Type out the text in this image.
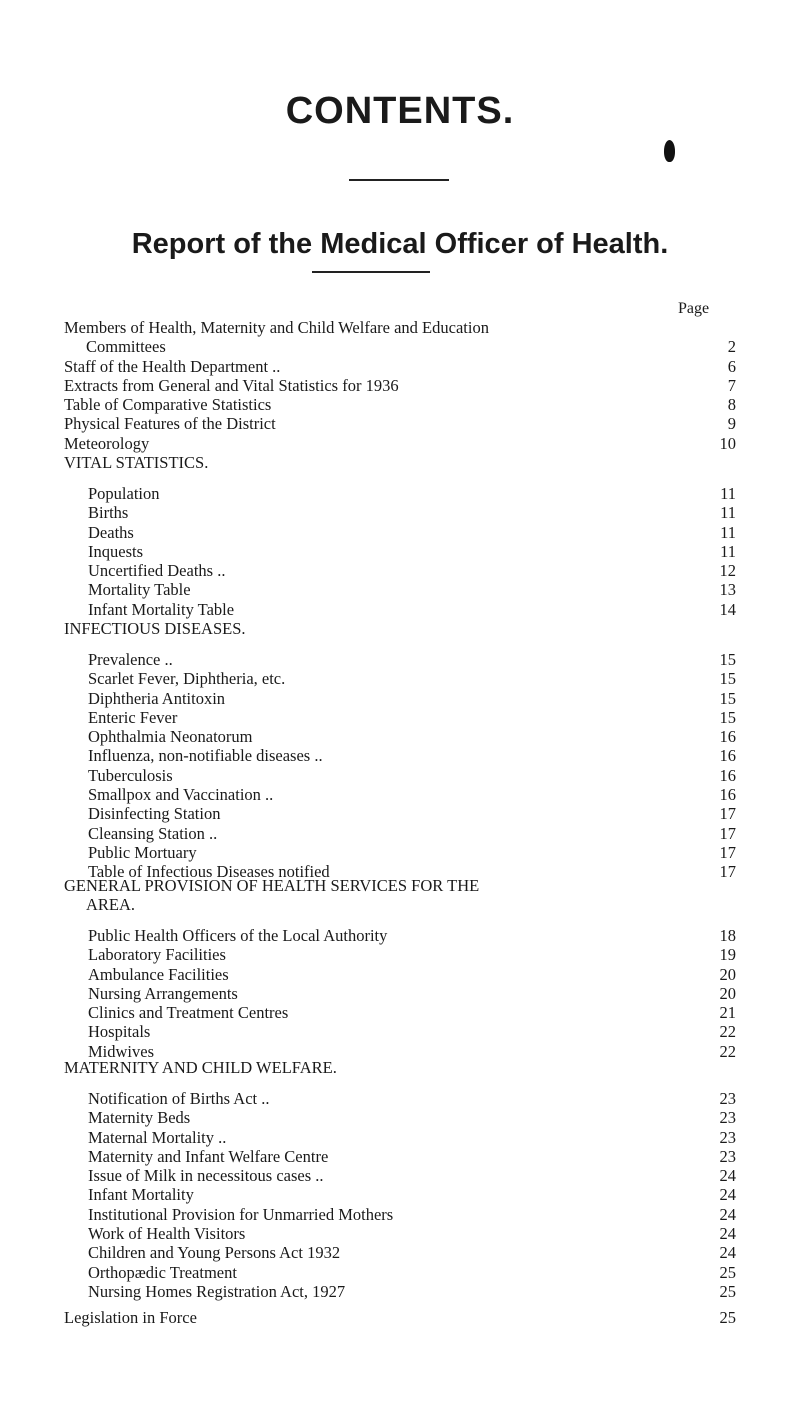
CONTENTS.
Report of the Medical Officer of Health.
Page
Members of Health, Maternity and Child Welfare and Education
Committees	2
Staff of the Health Department ..	6
Extracts from General and Vital Statistics for 1936	7
Table of Comparative Statistics	8
Physical Features of the District	9
Meteorology	10
VITAL STATISTICS.
Population	11
Births	11
Deaths	11
Inquests	11
Uncertified Deaths ..	12
Mortality Table	13
Infant Mortality Table	14
INFECTIOUS DISEASES.
Prevalence ..	15
Scarlet Fever, Diphtheria, etc.	15
Diphtheria Antitoxin	15
Enteric Fever	15
Ophthalmia Neonatorum	16
Influenza, non-notifiable diseases ..	16
Tuberculosis	16
Smallpox and Vaccination ..	16
Disinfecting Station	17
Cleansing Station ..	17
Public Mortuary	17
Table of Infectious Diseases notified	17
GENERAL PROVISION OF HEALTH SERVICES FOR THE
AREA.
Public Health Officers of the Local Authority	18
Laboratory Facilities	19
Ambulance Facilities	20
Nursing Arrangements	20
Clinics and Treatment Centres	21
Hospitals	22
Midwives	22
MATERNITY AND CHILD WELFARE.
Notification of Births Act ..	23
Maternity Beds	23
Maternal Mortality ..	23
Maternity and Infant Welfare Centre	23
Issue of Milk in necessitous cases ..	24
Infant Mortality	24
Institutional Provision for Unmarried Mothers	24
Work of Health Visitors	24
Children and Young Persons Act 1932	24
Orthopædic Treatment	25
Nursing Homes Registration Act, 1927	25
Legislation in Force	25
